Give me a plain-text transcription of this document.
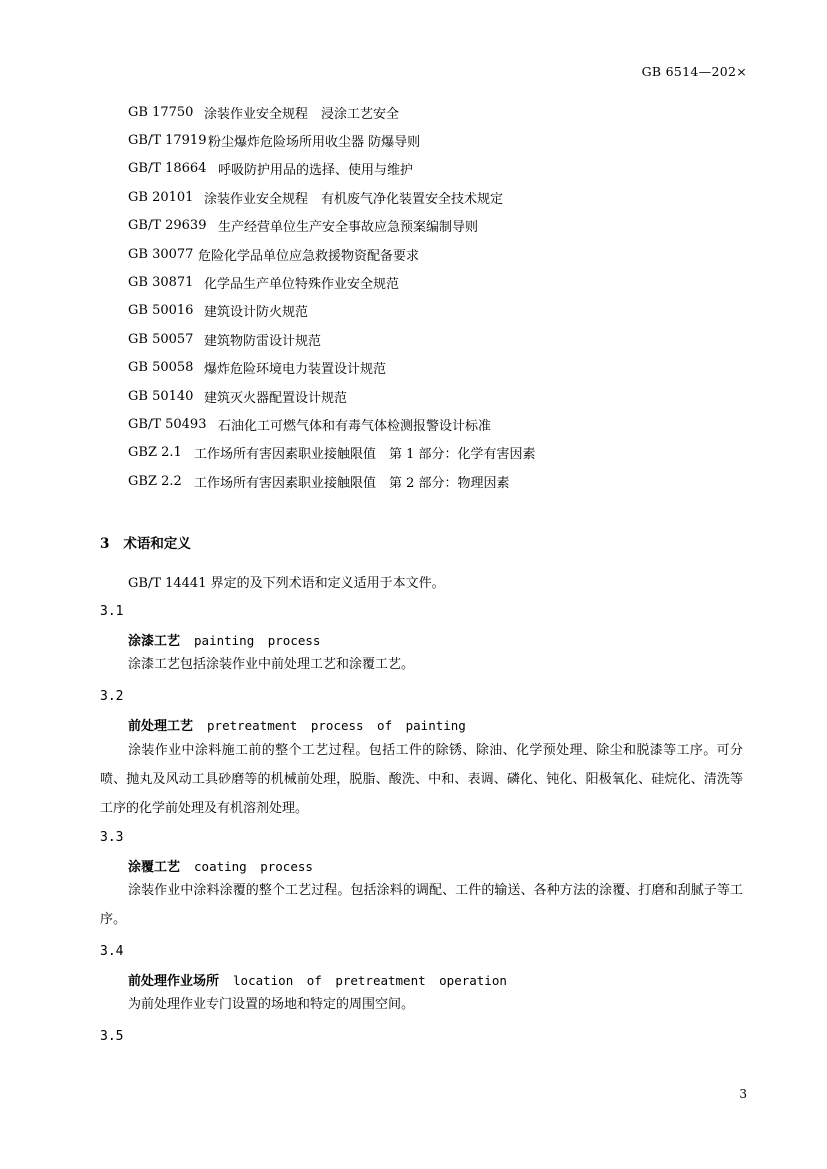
GB 6514—202×
GB 17750 涂装作业安全规程　浸涂工艺安全
GB/T 17919 粉尘爆炸危险场所用收尘器 防爆导则
GB/T 18664 呼吸防护用品的选择、使用与维护
GB 20101 涂装作业安全规程　有机废气净化装置安全技术规定
GB/T 29639 生产经营单位生产安全事故应急预案编制导则
GB 30077 危险化学品单位应急救援物资配备要求
GB 30871 化学品生产单位特殊作业安全规范
GB 50016 建筑设计防火规范
GB 50057 建筑物防雷设计规范
GB 50058 爆炸危险环境电力装置设计规范
GB 50140 建筑灭火器配置设计规范
GB/T 50493 石油化工可燃气体和有毒气体检测报警设计标准
GBZ 2.1 工作场所有害因素职业接触限值　第 1 部分：化学有害因素
GBZ 2.2 工作场所有害因素职业接触限值　第 2 部分：物理因素
3 术语和定义
GB/T 14441 界定的及下列术语和定义适用于本文件。
3.1
涂漆工艺 painting process
涂漆工艺包括涂装作业中前处理工艺和涂覆工艺。
3.2
前处理工艺 pretreatment process of painting
涂装作业中涂料施工前的整个工艺过程。包括工件的除锈、除油、化学预处理、除尘和脱漆等工序。可分喷、抛丸及风动工具砂磨等的机械前处理，脱脂、酸洗、中和、表调、磷化、钝化、阳极氧化、硅烷化、清洗等工序的化学前处理及有机溶剂处理。
3.3
涂覆工艺 coating process
涂装作业中涂料涂覆的整个工艺过程。包括涂料的调配、工件的输送、各种方法的涂覆、打磨和刮腻子等工序。
3.4
前处理作业场所 location of pretreatment operation
为前处理作业专门设置的场地和特定的周围空间。
3.5
3
